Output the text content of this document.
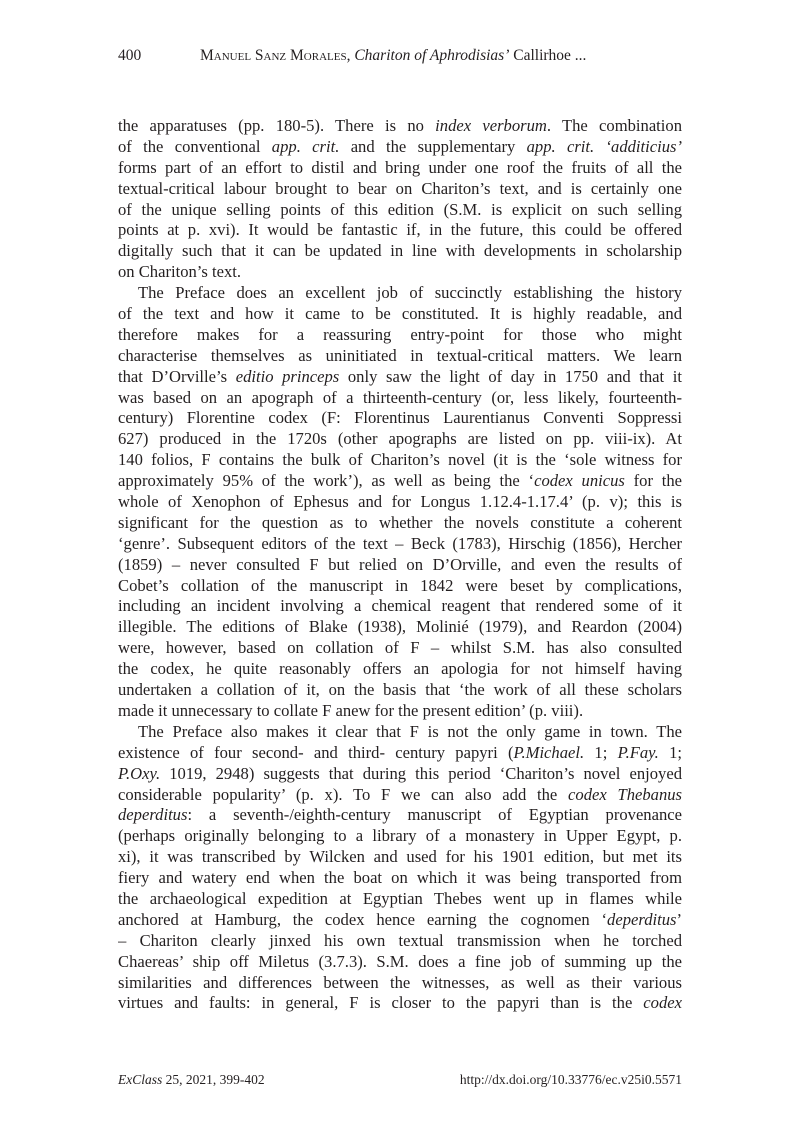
400	Manuel Sanz Morales, Chariton of Aphrodisias’ Callirhoe ...
the apparatuses (pp. 180-5). There is no index verborum. The combination
of the conventional app. crit. and the supplementary app. crit. ‘additicius’
forms part of an effort to distil and bring under one roof the fruits of all the
textual-critical labour brought to bear on Chariton’s text, and is certainly one
of the unique selling points of this edition (S.M. is explicit on such selling
points at p. xvi). It would be fantastic if, in the future, this could be offered
digitally such that it can be updated in line with developments in scholarship
on Chariton’s text.
The Preface does an excellent job of succinctly establishing the history
of the text and how it came to be constituted. It is highly readable, and
therefore makes for a reassuring entry-point for those who might
characterise themselves as uninitiated in textual-critical matters. We learn
that D’Orville’s editio princeps only saw the light of day in 1750 and that it
was based on an apograph of a thirteenth-century (or, less likely, fourteenth-
century) Florentine codex (F: Florentinus Laurentianus Conventi Soppressi
627) produced in the 1720s (other apographs are listed on pp. viii-ix). At
140 folios, F contains the bulk of Chariton’s novel (it is the ‘sole witness for
approximately 95% of the work’), as well as being the ‘codex unicus for the
whole of Xenophon of Ephesus and for Longus 1.12.4-1.17.4’ (p. v); this is
significant for the question as to whether the novels constitute a coherent
‘genre’. Subsequent editors of the text – Beck (1783), Hirschig (1856), Hercher
(1859) – never consulted F but relied on D’Orville, and even the results of
Cobet’s collation of the manuscript in 1842 were beset by complications,
including an incident involving a chemical reagent that rendered some of it
illegible. The editions of Blake (1938), Molinié (1979), and Reardon (2004)
were, however, based on collation of F – whilst S.M. has also consulted
the codex, he quite reasonably offers an apologia for not himself having
undertaken a collation of it, on the basis that ‘the work of all these scholars
made it unnecessary to collate F anew for the present edition’ (p. viii).
The Preface also makes it clear that F is not the only game in town. The
existence of four second- and third- century papyri (P.Michael. 1; P.Fay. 1;
P.Oxy. 1019, 2948) suggests that during this period ‘Chariton’s novel enjoyed
considerable popularity’ (p. x). To F we can also add the codex Thebanus
deperditus: a seventh-/eighth-century manuscript of Egyptian provenance
(perhaps originally belonging to a library of a monastery in Upper Egypt, p.
xi), it was transcribed by Wilcken and used for his 1901 edition, but met its
fiery and watery end when the boat on which it was being transported from
the archaeological expedition at Egyptian Thebes went up in flames while
anchored at Hamburg, the codex hence earning the cognomen ‘deperditus’
– Chariton clearly jinxed his own textual transmission when he torched
Chaereas’ ship off Miletus (3.7.3). S.M. does a fine job of summing up the
similarities and differences between the witnesses, as well as their various
virtues and faults: in general, F is closer to the papyri than is the codex
ExClass 25, 2021, 399-402	http://dx.doi.org/10.33776/ec.v25i0.5571
